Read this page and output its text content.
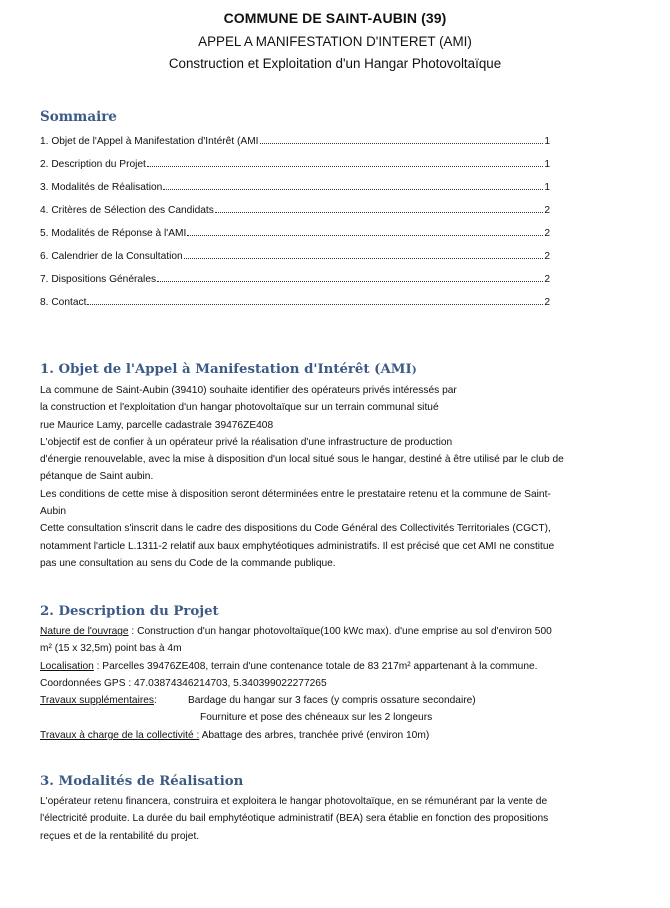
COMMUNE DE SAINT-AUBIN (39)
APPEL A MANIFESTATION D'INTERET (AMI)
Construction et Exploitation d'un Hangar Photovoltaïque
Sommaire
1. Objet de l'Appel à Manifestation d'Intérêt (AMI	1
2. Description du Projet	1
3. Modalités de Réalisation	1
4. Critères de Sélection des Candidats	2
5. Modalités de Réponse à l'AMI	2
6. Calendrier de la Consultation	2
7. Dispositions Générales	2
8. Contact	2
1. Objet de l'Appel à Manifestation d'Intérêt (AMI)
La commune de Saint-Aubin (39410) souhaite identifier des opérateurs privés intéressés par
la construction et l'exploitation d'un hangar photovoltaïque sur un terrain communal situé
rue Maurice Lamy, parcelle cadastrale 39476ZE408
L'objectif est de confier à un opérateur privé la réalisation d'une infrastructure de production
d'énergie renouvelable, avec la mise à disposition d'un local situé sous le hangar, destiné à être utilisé par le club de
pétanque de Saint aubin.
Les conditions de cette mise à disposition seront déterminées entre le prestataire retenu et la commune de Saint-
Aubin
Cette consultation s'inscrit dans le cadre des dispositions du Code Général des Collectivités Territoriales (CGCT),
notamment l'article L.1311-2 relatif aux baux emphytéotiques administratifs. Il est précisé que cet AMI ne constitue
pas une consultation au sens du Code de la commande publique.
2. Description du Projet
Nature de l'ouvrage : Construction d'un hangar photovoltaïque(100 kWc max). d'une emprise au sol d'environ 500
m² (15 x 32,5m) point bas à 4m
Localisation : Parcelles 39476ZE408, terrain d'une contenance totale de 83 217m² appartenant à la commune.
Coordonnées GPS : 47.03874346214703, 5.340399022277265
Travaux supplémentaires:	Bardage du hangar sur 3 faces (y compris ossature secondaire)
Fourniture et pose des chéneaux sur les 2 longeurs
Travaux à charge de la collectivité : Abattage des arbres, tranchée privé (environ 10m)
3. Modalités de Réalisation
L'opérateur retenu financera, construira et exploitera le hangar photovoltaïque, en se rémunérant par la vente de
l'électricité produite. La durée du bail emphytéotique administratif (BEA) sera établie en fonction des propositions
reçues et de la rentabilité du projet.
